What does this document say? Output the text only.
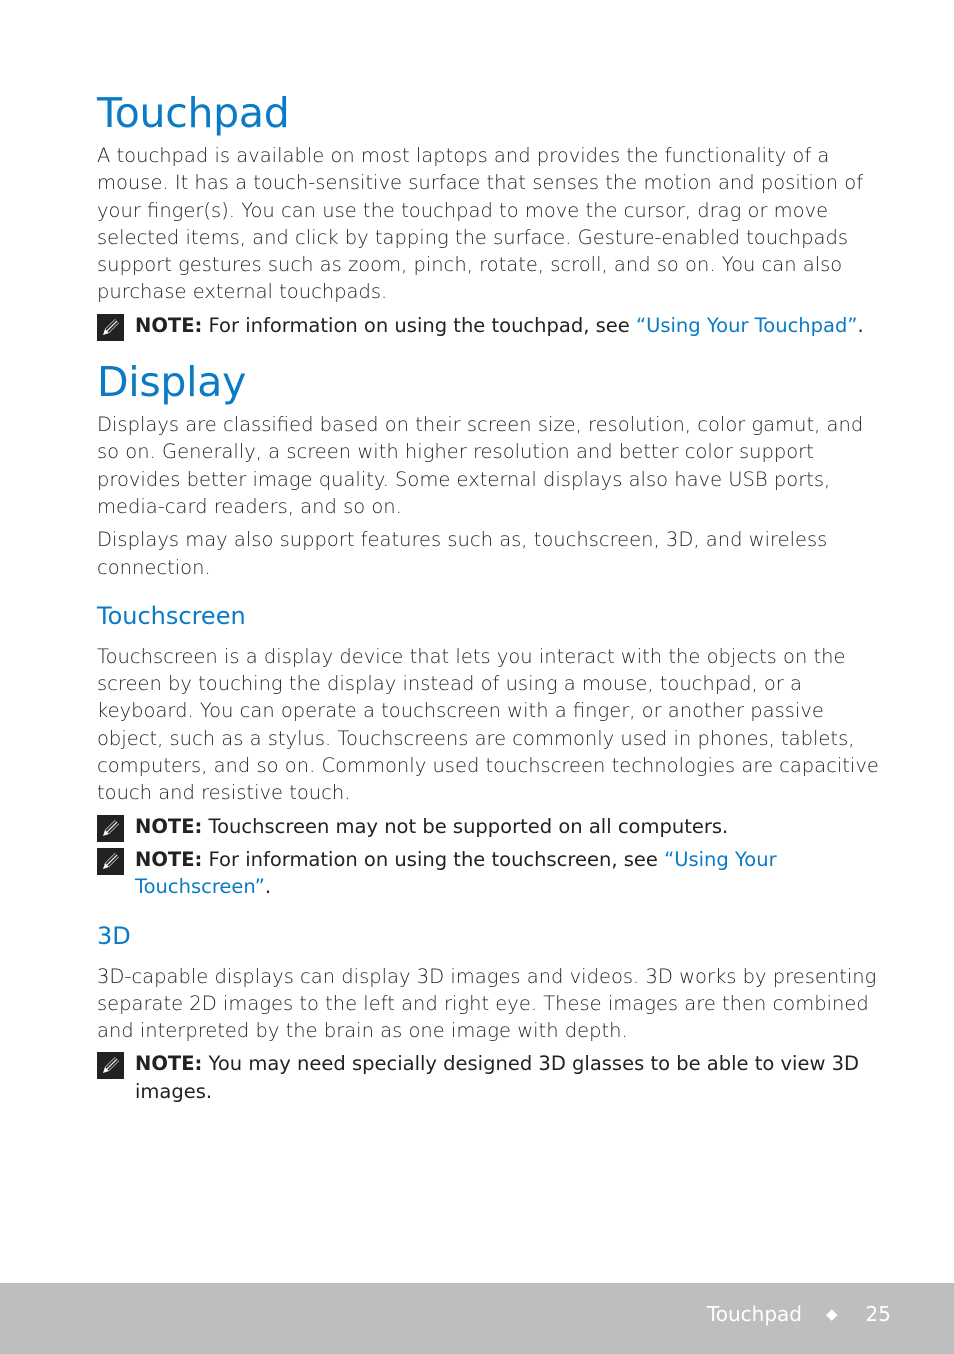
Touchpad

A touchpad is available on most laptops and provides the functionality of a mouse. It has a touch-sensitive surface that senses the motion and position of your finger(s). You can use the touchpad to move the cursor, drag or move selected items, and click by tapping the surface. Gesture-enabled touchpads support gestures such as zoom, pinch, rotate, scroll, and so on. You can also purchase external touchpads.

NOTE: For information on using the touchpad, see “Using Your Touchpad”.
Display

Displays are classified based on their screen size, resolution, color gamut, and so on. Generally, a screen with higher resolution and better color support provides better image quality. Some external displays also have USB ports, media-card readers, and so on.

Displays may also support features such as, touchscreen, 3D, and wireless connection.

Touchscreen

Touchscreen is a display device that lets you interact with the objects on the screen by touching the display instead of using a mouse, touchpad, or a keyboard. You can operate a touchscreen with a finger, or another passive object, such as a stylus. Touchscreens are commonly used in phones, tablets, computers, and so on. Commonly used touchscreen technologies are capacitive touch and resistive touch.

NOTE: Touchscreen may not be supported on all computers.
NOTE: For information on using the touchscreen, see “Using Your Touchscreen”.
3D

3D-capable displays can display 3D images and videos. 3D works by presenting separate 2D images to the left and right eye. These images are then combined and interpreted by the brain as one image with depth.

NOTE: You may need specially designed 3D glasses to be able to view 3D images.
Touchpad ◆ 25
